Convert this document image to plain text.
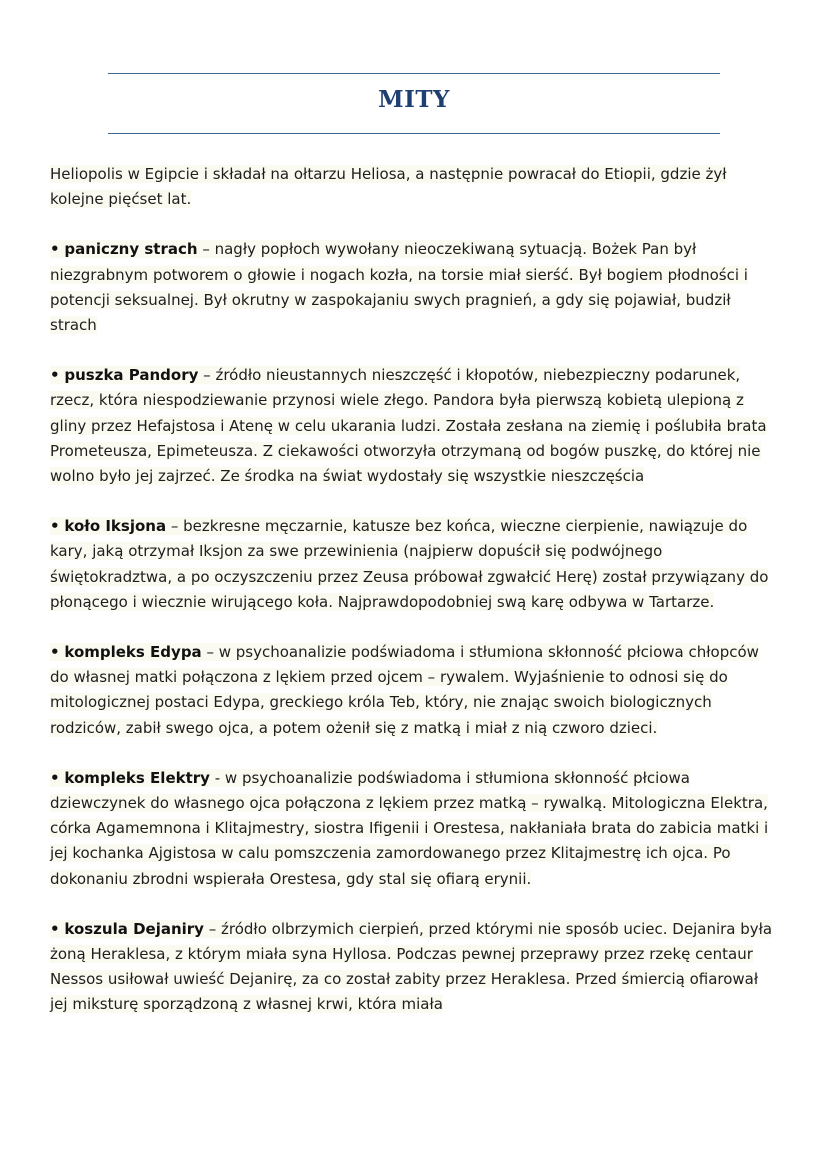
MITY

Heliopolis w Egipcie i składał na ołtarzu Heliosa, a następnie powracał do Etiopii, gdzie żył kolejne pięćset lat.

• paniczny strach – nagły popłoch wywołany nieoczekiwaną sytuacją. Bożek Pan był niezgrabnym potworem o głowie i nogach kozła, na torsie miał sierść. Był bogiem płodności i potencji seksualnej. Był okrutny w zaspokajaniu swych pragnień, a gdy się pojawiał, budził strach

• puszka Pandory – źródło nieustannych nieszczęść i kłopotów, niebezpieczny podarunek, rzecz, która niespodziewanie przynosi wiele złego. Pandora była pierwszą kobietą ulepioną z gliny przez Hefajstosa i Atenę w celu ukarania ludzi. Została zesłana na ziemię i poślubiła brata Prometeusza, Epimeteusza. Z ciekawości otworzyła otrzymaną od bogów puszkę, do której nie wolno było jej zajrzeć. Ze środka na świat wydostały się wszystkie nieszczęścia

• koło Iksjona – bezkresne męczarnie, katusze bez końca, wieczne cierpienie, nawiązuje do kary, jaką otrzymał Iksjon za swe przewinienia (najpierw dopuścił się podwójnego świętokradztwa, a po oczyszczeniu przez Zeusa próbował zgwałcić Herę) został przywiązany do płonącego i wiecznie wirującego koła. Najprawdopodobniej swą karę odbywa w Tartarze.

• kompleks Edypa – w psychoanalizie podświadoma i stłumiona skłonność płciowa chłopców do własnej matki połączona z lękiem przed ojcem – rywalem. Wyjaśnienie to odnosi się do mitologicznej postaci Edypa, greckiego króla Teb, który, nie znając swoich biologicznych rodziców, zabił swego ojca, a potem ożenił się z matką i miał z nią czworo dzieci.

• kompleks Elektry - w psychoanalizie podświadoma i stłumiona skłonność płciowa dziewczynek do własnego ojca połączona z lękiem przez matką – rywalką. Mitologiczna Elektra, córka Agamemnona i Klitajmestry, siostra Ifigenii i Orestesa, nakłaniała brata do zabicia matki i jej kochanka Ajgistosa w calu pomszczenia zamordowanego przez Klitajmestrę ich ojca. Po dokonaniu zbrodni wspierała Orestesa, gdy stal się ofiarą erynii.

• koszula Dejaniry – źródło olbrzymich cierpień, przed którymi nie sposób uciec. Dejanira była żoną Heraklesa, z którym miała syna Hyllosa. Podczas pewnej przeprawy przez rzekę centaur Nessos usiłował uwieść Dejanirę, za co został zabity przez Heraklesa. Przed śmiercią ofiarował jej miksturę sporządzoną z własnej krwi, która miała
